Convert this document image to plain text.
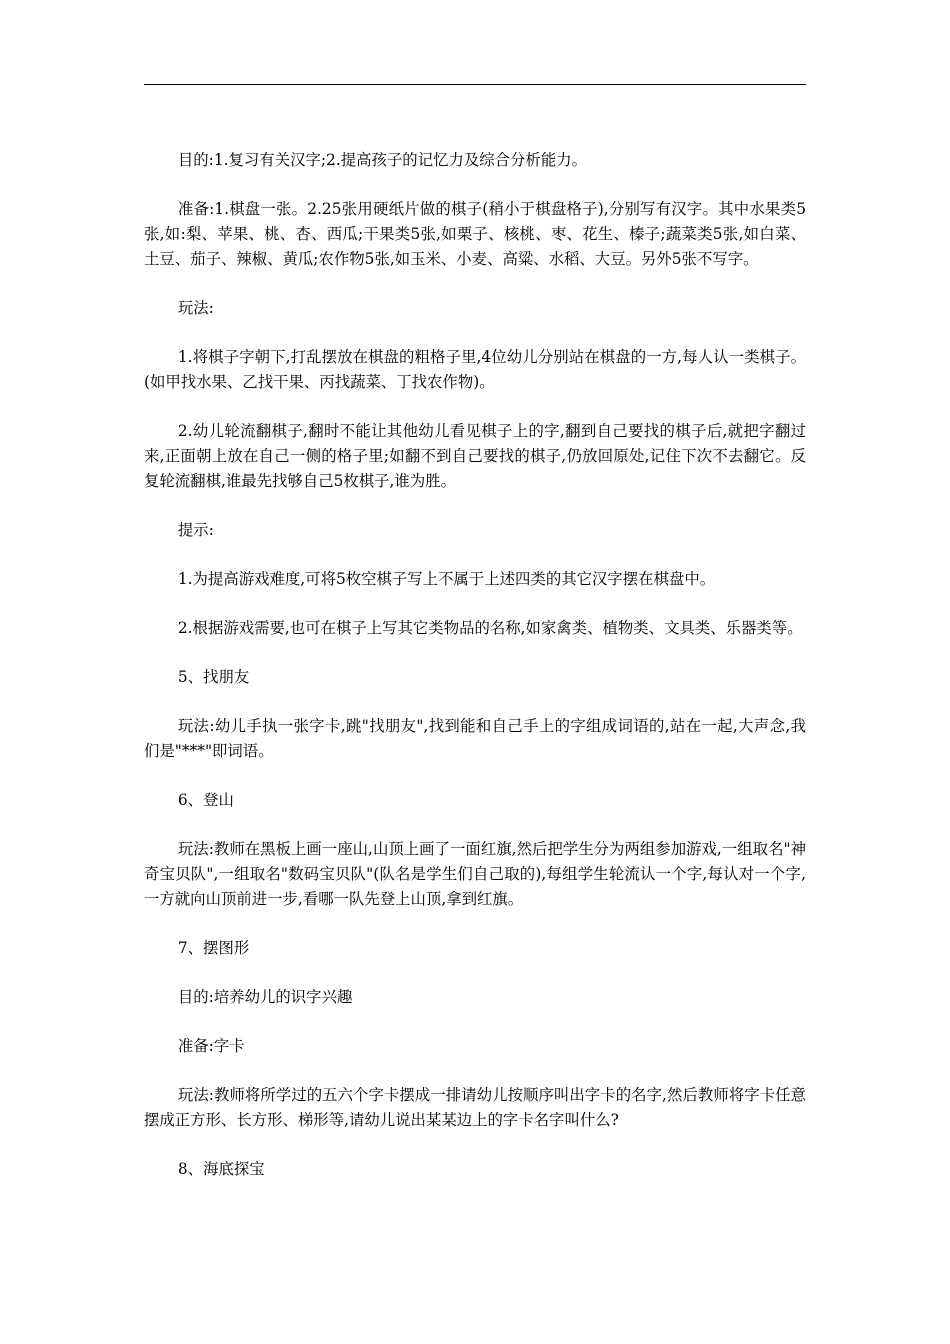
目的:1.复习有关汉字;2.提高孩子的记忆力及综合分析能力。

准备:1.棋盘一张。2.25张用硬纸片做的棋子(稍小于棋盘格子),分别写有汉字。其中水果类5张,如:梨、苹果、桃、杏、西瓜;干果类5张,如栗子、核桃、枣、花生、榛子;蔬菜类5张,如白菜、土豆、茄子、辣椒、黄瓜;农作物5张,如玉米、小麦、高粱、水稻、大豆。另外5张不写字。

玩法:

1.将棋子字朝下,打乱摆放在棋盘的粗格子里,4位幼儿分别站在棋盘的一方,每人认一类棋子。(如甲找水果、乙找干果、丙找蔬菜、丁找农作物)。

2.幼儿轮流翻棋子,翻时不能让其他幼儿看见棋子上的字,翻到自己要找的棋子后,就把字翻过来,正面朝上放在自己一侧的格子里;如翻不到自己要找的棋子,仍放回原处,记住下次不去翻它。反复轮流翻棋,谁最先找够自己5枚棋子,谁为胜。

提示:

1.为提高游戏难度,可将5枚空棋子写上不属于上述四类的其它汉字摆在棋盘中。

2.根据游戏需要,也可在棋子上写其它类物品的名称,如家禽类、植物类、文具类、乐器类等。

5、找朋友

玩法:幼儿手执一张字卡,跳"找朋友",找到能和自己手上的字组成词语的,站在一起,大声念,我们是"***"即词语。

6、登山

玩法:教师在黑板上画一座山,山顶上画了一面红旗,然后把学生分为两组参加游戏,一组取名"神奇宝贝队",一组取名"数码宝贝队"(队名是学生们自己取的),每组学生轮流认一个字,每认对一个字,一方就向山顶前进一步,看哪一队先登上山顶,拿到红旗。

7、摆图形

目的:培养幼儿的识字兴趣

准备:字卡

玩法:教师将所学过的五六个字卡摆成一排请幼儿按顺序叫出字卡的名字,然后教师将字卡任意摆成正方形、长方形、梯形等,请幼儿说出某某边上的字卡名字叫什么?

8、海底探宝
